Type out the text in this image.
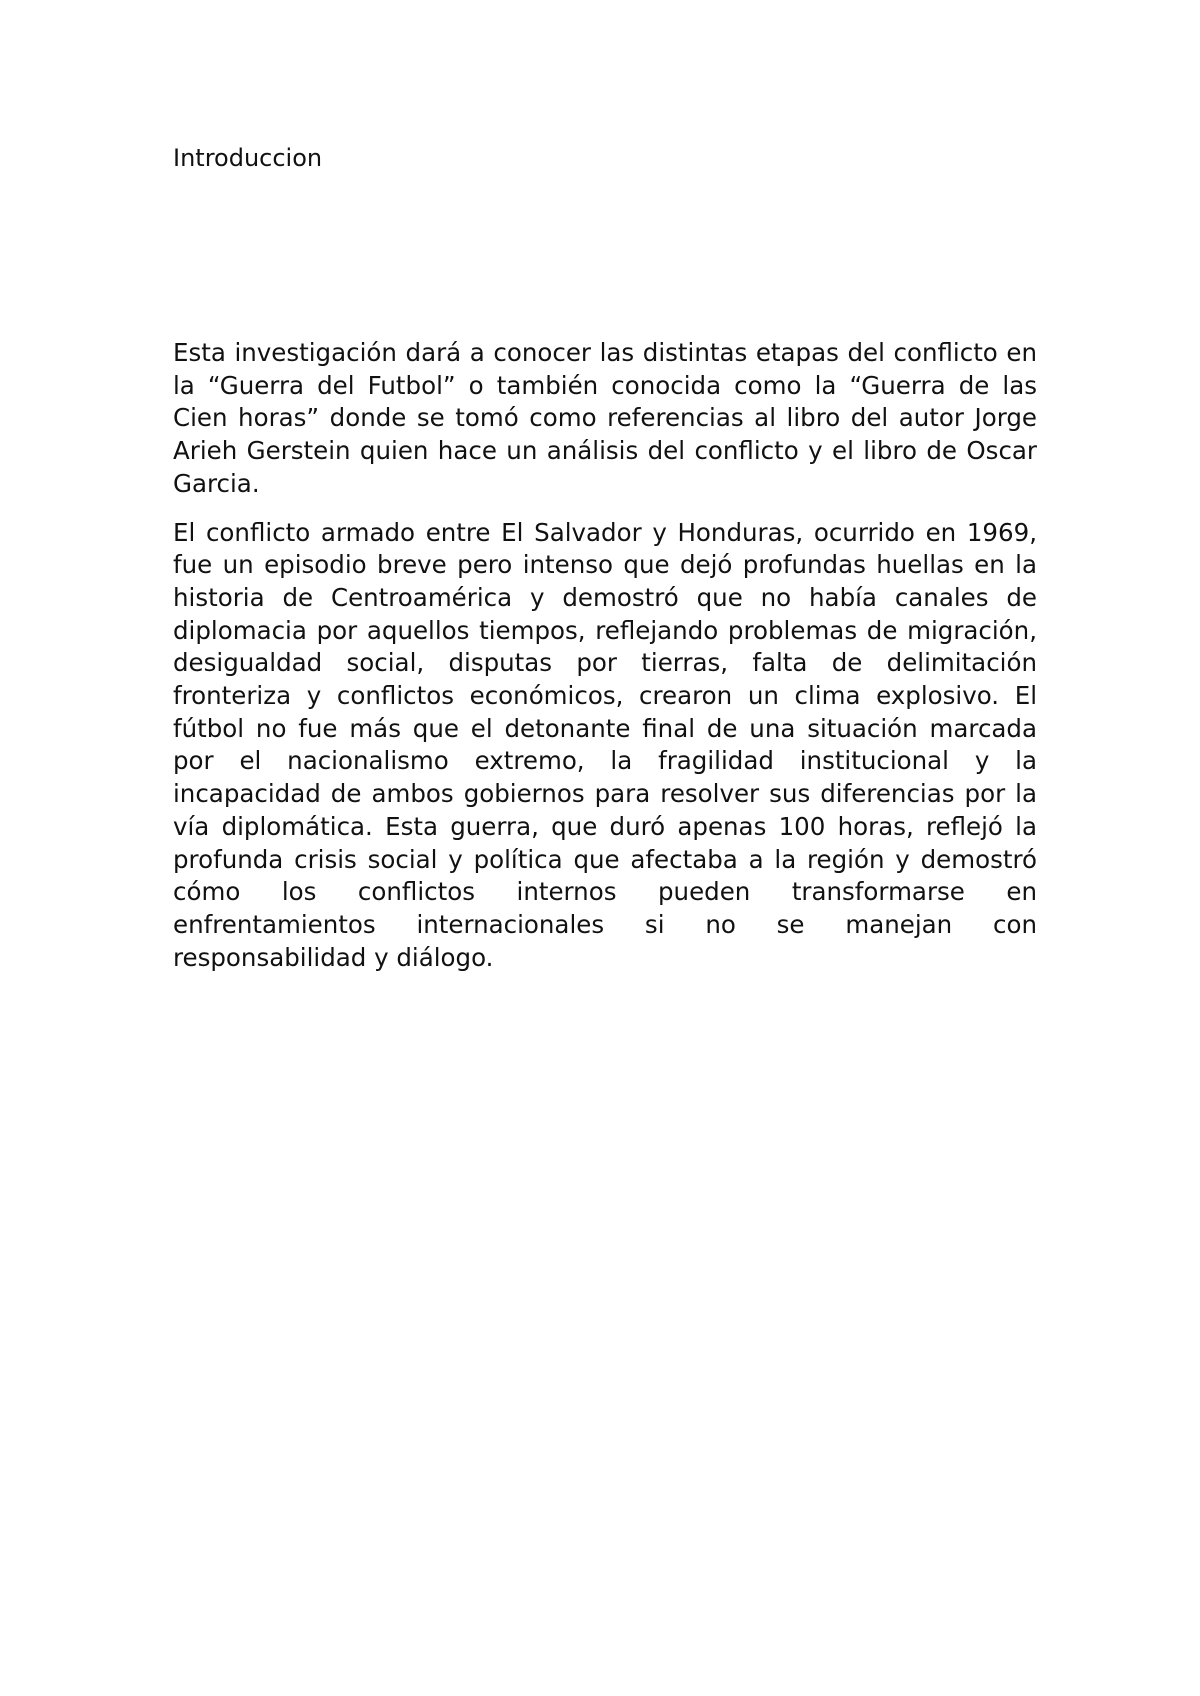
Introduccion

Esta investigación dará a conocer las distintas etapas del conflicto en la “Guerra del Futbol” o también conocida como la “Guerra de las Cien horas” donde se tomó como referencias al libro del autor Jorge Arieh Gerstein quien hace un análisis del conflicto y el libro de Oscar Garcia.

El conflicto armado entre El Salvador y Honduras, ocurrido en 1969, fue un episodio breve pero intenso que dejó profundas huellas en la historia de Centroamérica y demostró que no había canales de diplomacia por aquellos tiempos, reflejando problemas de migración, desigualdad social, disputas por tierras, falta de delimitación fronteriza y conflictos económicos, crearon un clima explosivo. El fútbol no fue más que el detonante final de una situación marcada por el nacionalismo extremo, la fragilidad institucional y la incapacidad de ambos gobiernos para resolver sus diferencias por la vía diplomática. Esta guerra, que duró apenas 100 horas, reflejó la profunda crisis social y política que afectaba a la región y demostró cómo los conflictos internos pueden transformarse en enfrentamientos internacionales si no se manejan con responsabilidad y diálogo.
